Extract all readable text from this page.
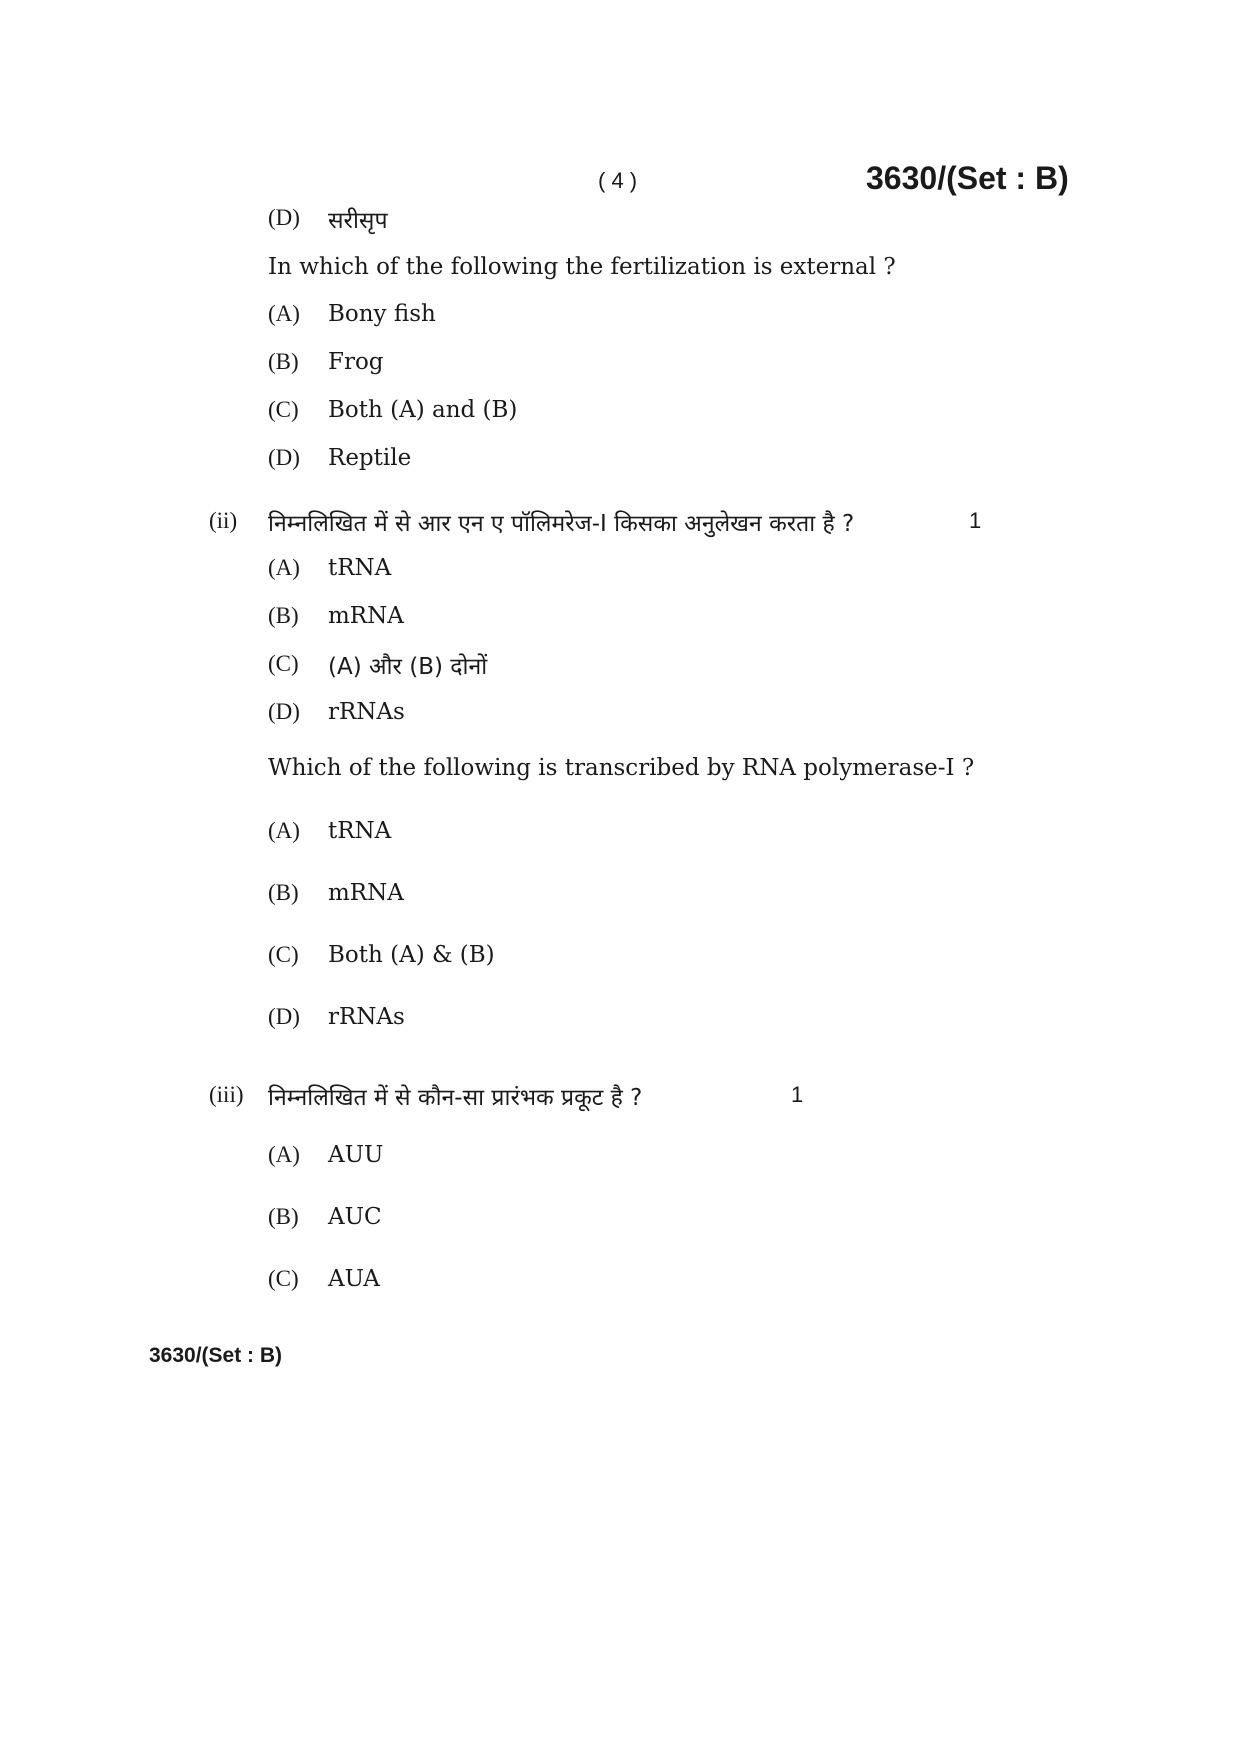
( 4 )	3630/(Set : B)
(D) सरीसृप
In which of the following the fertilization is external ?
(A) Bony fish
(B) Frog
(C) Both (A) and (B)
(D) Reptile
(ii) निम्नलिखित में से आर एन ए पॉलिमरेज-I किसका अनुलेखन करता है ?	1
(A) tRNA
(B) mRNA
(C) (A) और (B) दोनों
(D) rRNAs
Which of the following is transcribed by RNA polymerase-I ?
(A) tRNA
(B) mRNA
(C) Both (A) & (B)
(D) rRNAs
(iii) निम्नलिखित में से कौन-सा प्रारंभक प्रकूट है ?	1
(A) AUU
(B) AUC
(C) AUA
3630/(Set : B)
